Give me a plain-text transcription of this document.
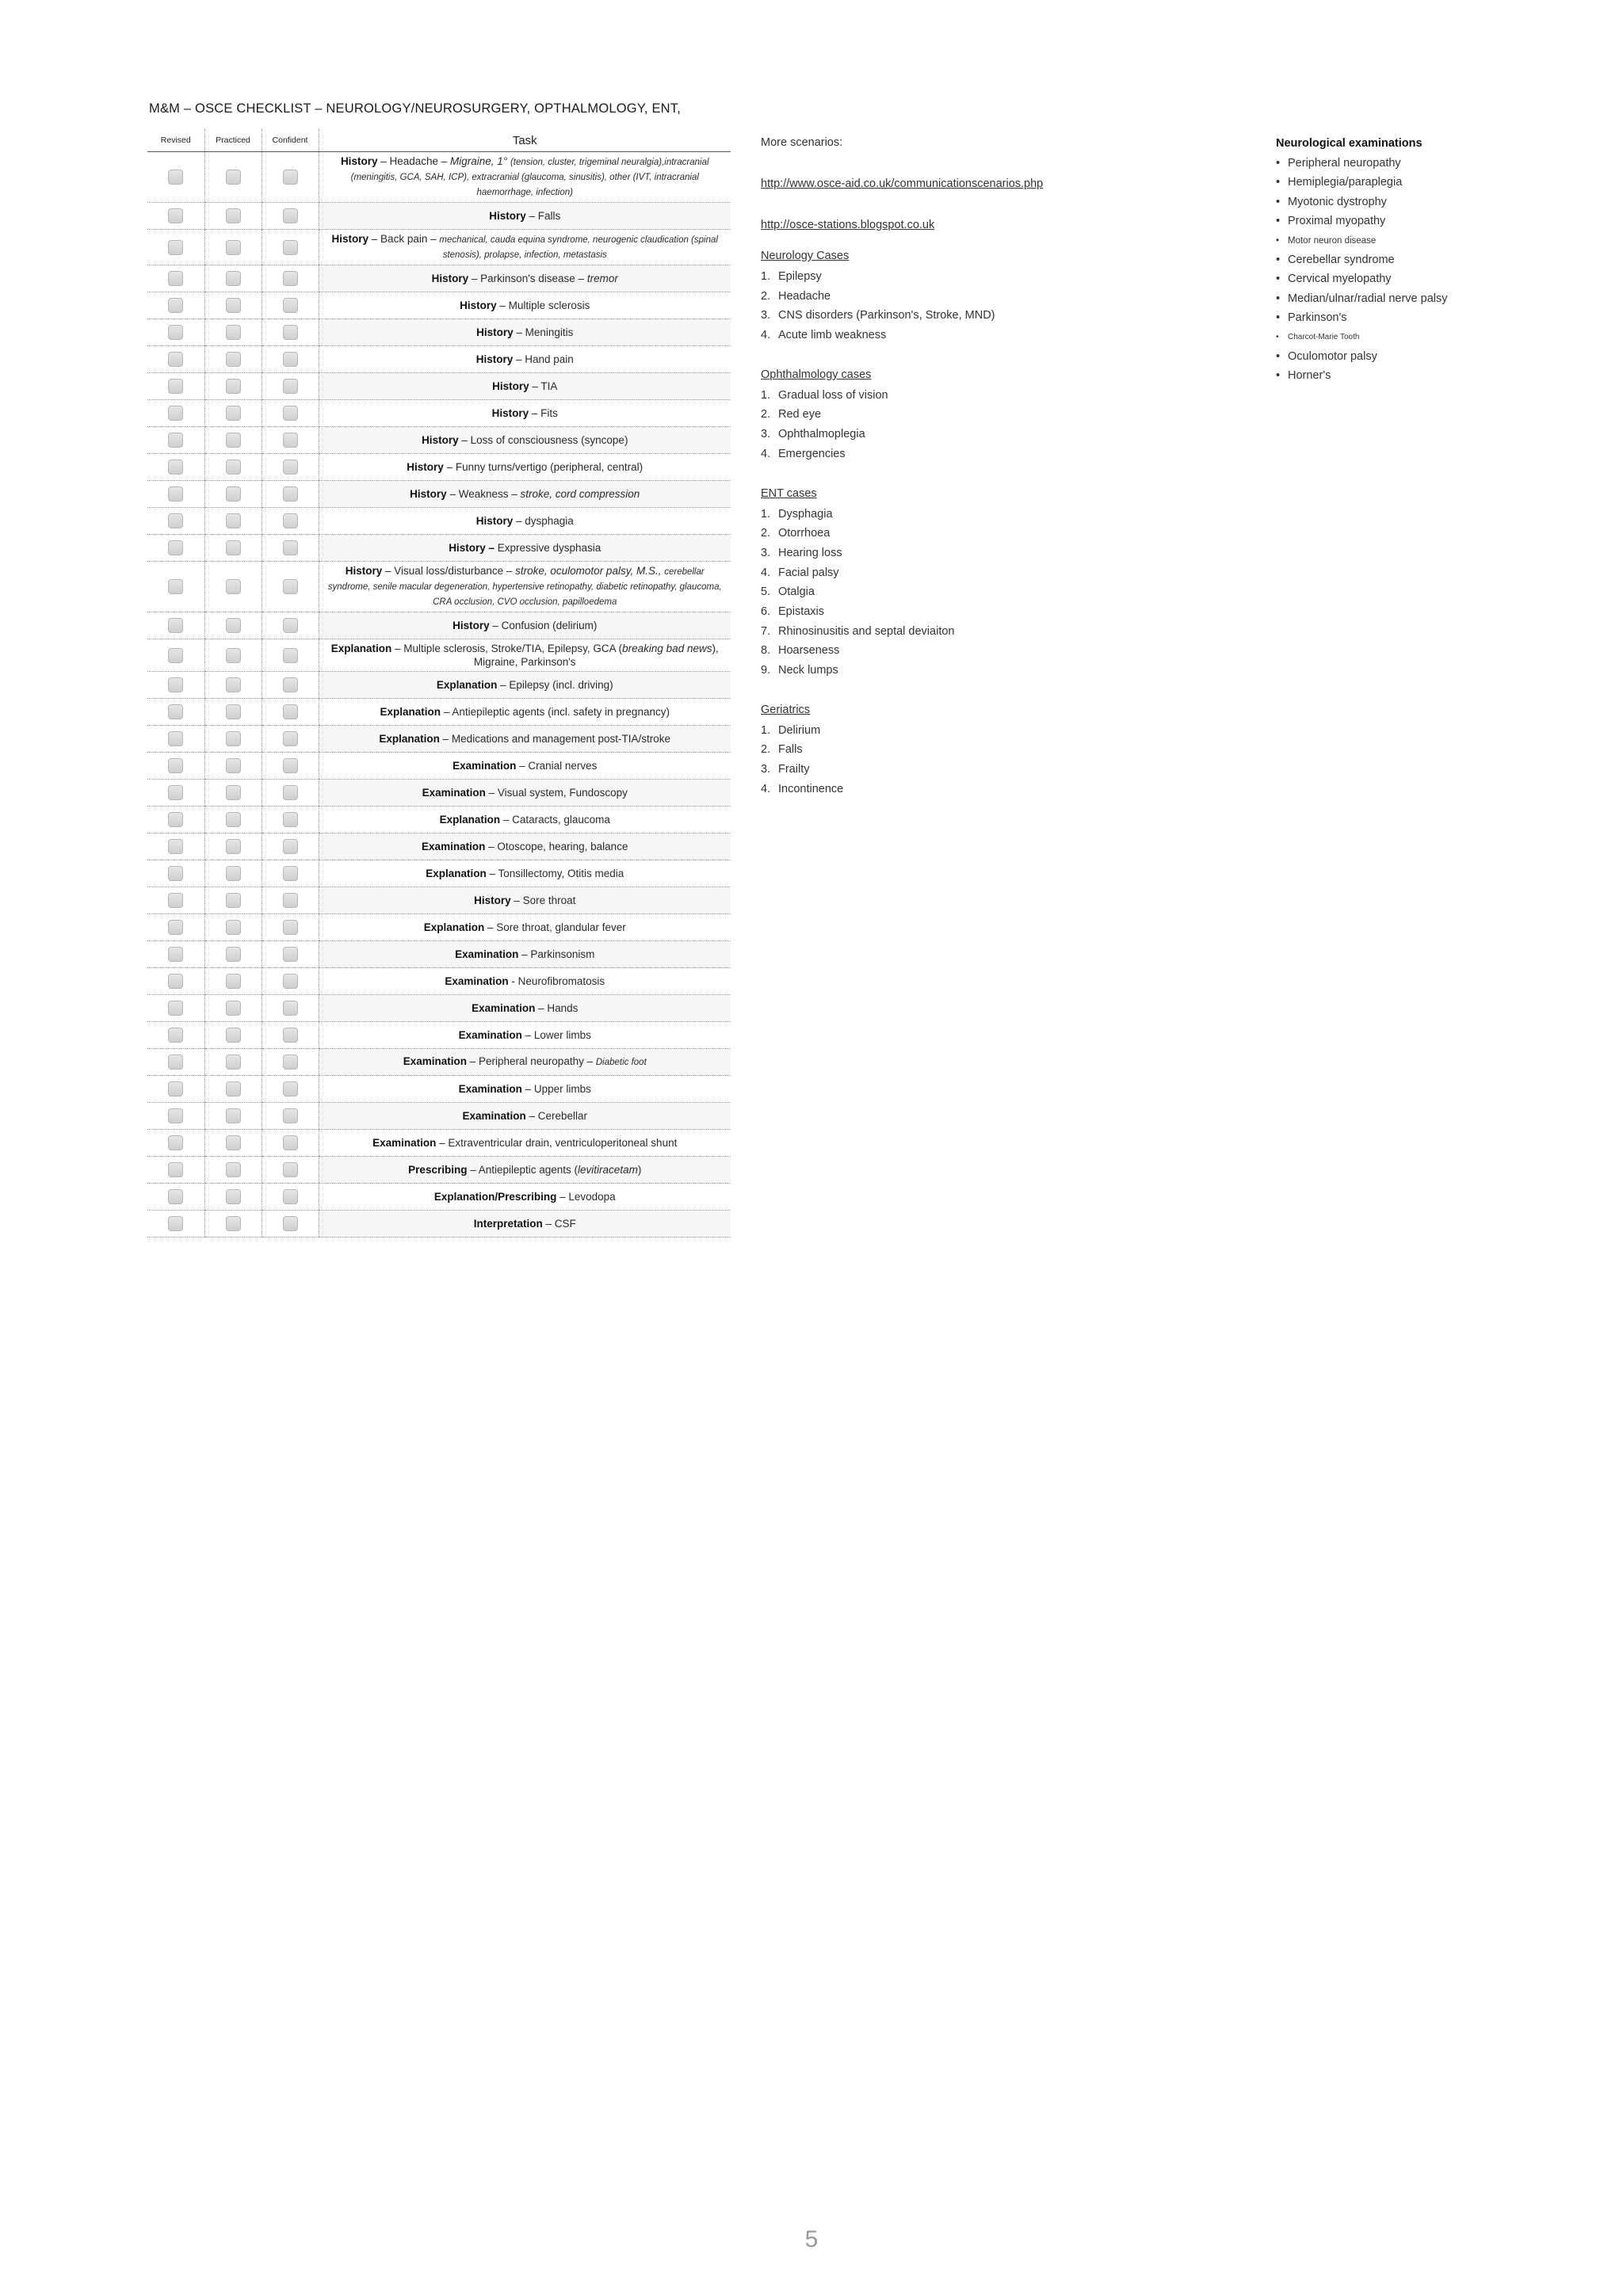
M&M – OSCE CHECKLIST – NEUROLOGY/NEUROSURGERY, OPTHALMOLOGY, ENT,
Revised	Practiced	Confident	Task
			History – Headache – Migraine, 1° (tension, cluster, trigeminal neuralgia),intracranial (meningitis, GCA, SAH, ICP), extracranial (glaucoma, sinusitis), other (IVT, intracranial haemorrhage, infection)
			History – Falls
			History – Back pain – mechanical, cauda equina syndrome, neurogenic claudication (spinal stenosis), prolapse, infection, metastasis
			History – Parkinson's disease – tremor
			History – Multiple sclerosis
			History – Meningitis
			History – Hand pain
			History – TIA
			History – Fits
			History – Loss of consciousness (syncope)
			History – Funny turns/vertigo (peripheral, central)
			History – Weakness – stroke, cord compression
			History – dysphagia
			History – Expressive dysphasia
			History – Visual loss/disturbance – stroke, oculomotor palsy, M.S., cerebellar syndrome, senile macular degeneration, hypertensive retinopathy, diabetic retinopathy, glaucoma, CRA occlusion, CVO occlusion, papilloedema
			History – Confusion (delirium)
			Explanation – Multiple sclerosis, Stroke/TIA, Epilepsy, GCA (breaking bad news), Migraine, Parkinson's
			Explanation – Epilepsy (incl. driving)
			Explanation – Antiepileptic agents (incl. safety in pregnancy)
			Explanation – Medications and management post-TIA/stroke
			Examination – Cranial nerves
			Examination – Visual system, Fundoscopy
			Explanation – Cataracts, glaucoma
			Examination – Otoscope, hearing, balance
			Explanation – Tonsillectomy, Otitis media
			History – Sore throat
			Explanation – Sore throat, glandular fever
			Examination – Parkinsonism
			Examination - Neurofibromatosis
			Examination – Hands
			Examination – Lower limbs
			Examination – Peripheral neuropathy – Diabetic foot
			Examination – Upper limbs
			Examination – Cerebellar
			Examination – Extraventricular drain, ventriculoperitoneal shunt
			Prescribing – Antiepileptic agents (levitiracetam)
			Explanation/Prescribing – Levodopa
			Interpretation – CSF
More scenarios:
http://www.osce-aid.co.uk/communicationscenarios.php
http://osce-stations.blogspot.co.uk
Neurology Cases
1. Epilepsy
2. Headache
3. CNS disorders (Parkinson's, Stroke, MND)
4. Acute limb weakness
Ophthalmology cases
1. Gradual loss of vision
2. Red eye
3. Ophthalmoplegia
4. Emergencies
ENT cases
1. Dysphagia
2. Otorrhoea
3. Hearing loss
4. Facial palsy
5. Otalgia
6. Epistaxis
7. Rhinosinusitis and septal deviaiton
8. Hoarseness
9. Neck lumps
Geriatrics
1. Delirium
2. Falls
3. Frailty
4. Incontinence
Neurological examinations
• Peripheral neuropathy
• Hemiplegia/paraplegia
• Myotonic dystrophy
• Proximal myopathy
• Motor neuron disease
• Cerebellar syndrome
• Cervical myelopathy
• Median/ulnar/radial nerve palsy
• Parkinson's
• Charcot-Marie Tooth
• Oculomotor palsy
• Horner's
5
